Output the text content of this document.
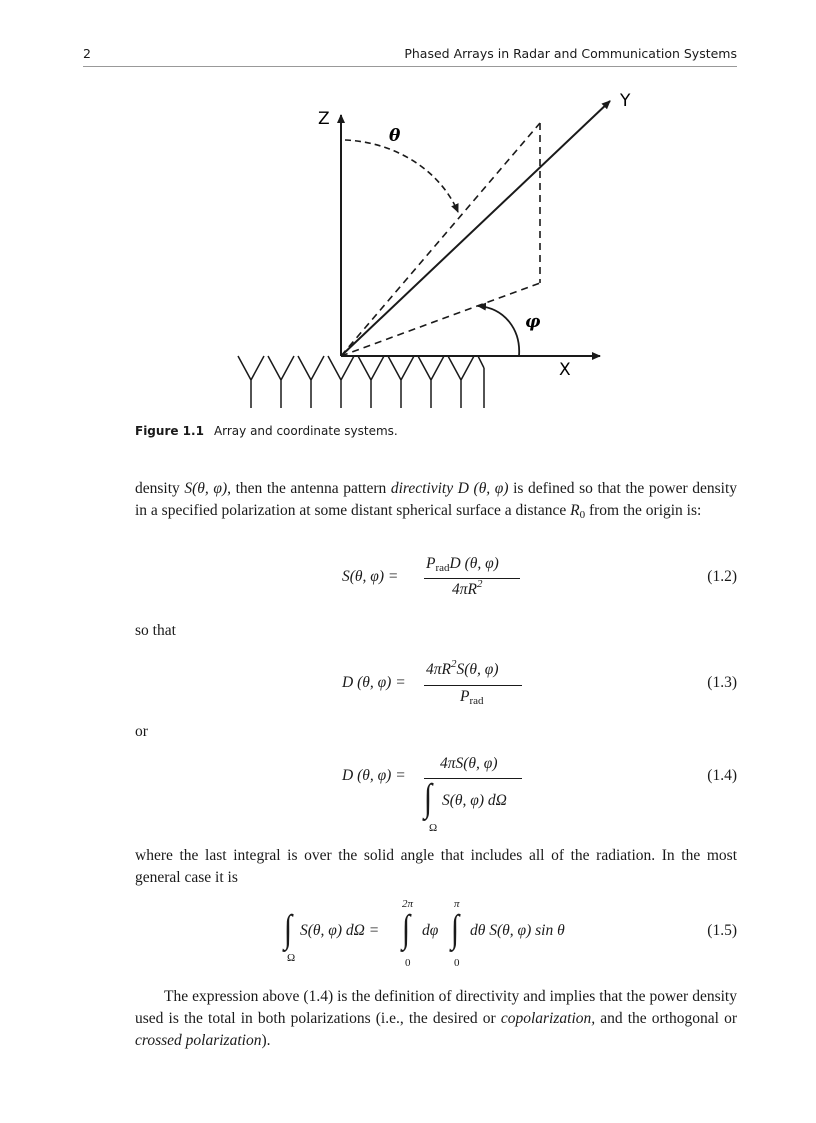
2	Phased Arrays in Radar and Communication Systems
Z
Y
X
θ
φ
Figure 1.1 Array and coordinate systems.
density S(θ, φ), then the antenna pattern directivity D (θ, φ) is defined so that the power density in a specified polarization at some distant spherical surface a distance R0 from the origin is:
S(θ, φ) =
PradD (θ, φ)
$4\pi R^2$	(1.2)
so that
D (θ, φ) =
$4\pi R^2S(\theta$, φ)
Prad
(1.3)
or
D (θ, φ) =
4πS(θ, φ)
∫ S(θ, φ) dΩ
Ω
(1.4)
where the last integral is over the solid angle that includes all of the radiation. In the most general case it is
∫ S(θ, φ) dΩ =
Ω
2π
∫
0
dφ
π
∫
0
dθ S(θ, φ) sin θ	(1.5)
The expression above (1.4) is the definition of directivity and implies that the power density used is the total in both polarizations (i.e., the desired or copolarization, and the orthogonal or crossed polarization).
